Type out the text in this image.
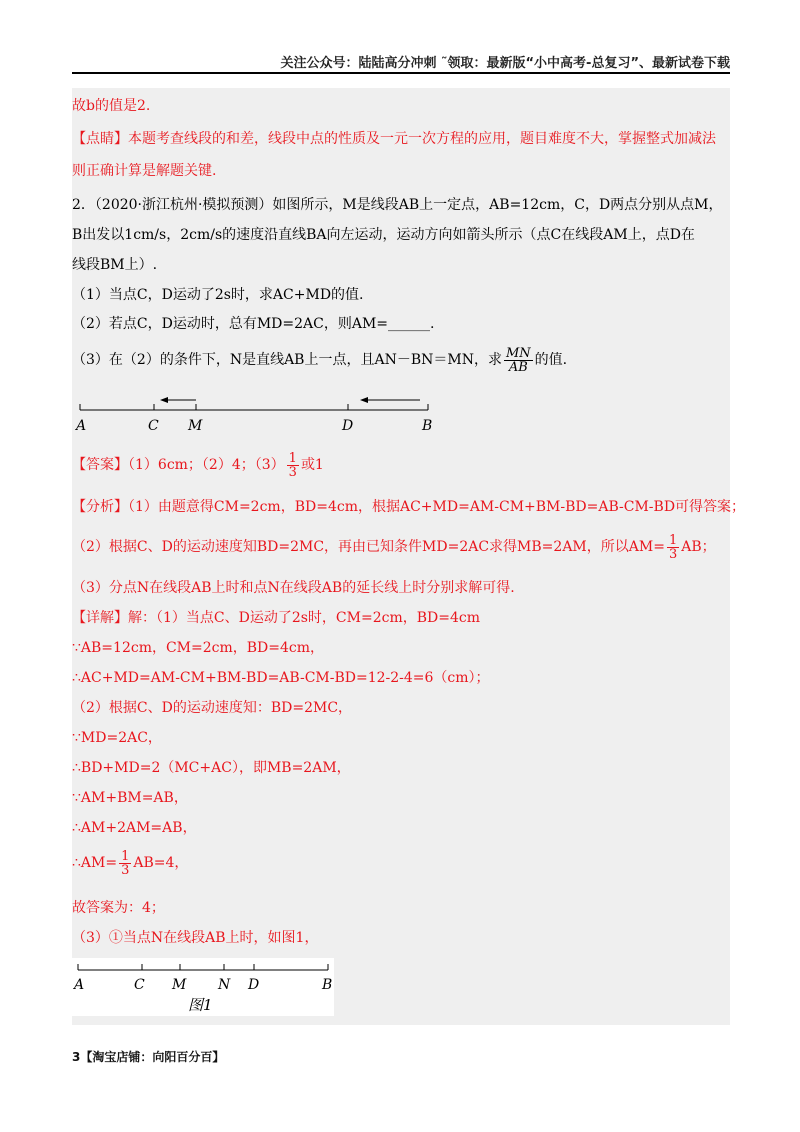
关注公众号：陆陆高分冲刺 ˜领取：最新版“小中高考-总复习”、最新试卷下载
故b的值是2.
【点睛】本题考查线段的和差，线段中点的性质及一元一次方程的应用，题目难度不大，掌握整式加减法
则正确计算是解题关键.
2．（2020·浙江杭州·模拟预测）如图所示，M是线段AB上一定点，AB=12cm，C，D两点分别从点M，
B出发以1cm/s，2cm/s的速度沿直线BA向左运动，运动方向如箭头所示（点C在线段AM上，点D在
线段BM上）.
（1）当点C，D运动了2s时，求AC+MD的值.
（2）若点C，D运动时，总有MD=2AC，则AM=______.
（3）在（2）的条件下，N是直线AB上一点，且AN－BN＝MN，求 $\frac{MN}{AB}$ 的值.
A	C M	D	B
【答案】（1）6cm；（2）4；$(3) \frac{1}{3}$ 或1
【分析】（1）由题意得CM=2cm，BD=4cm，根据AC+MD=AM-CM+BM-BD=AB-CM-BD可得答案；
（2）根据C、D的运动速度知BD=2MC，再由已知条件MD=2AC求得MB=2AM，所以$AM= \frac{1}{3}$ AB；
（3）分点N在线段AB上时和点N在线段AB的延长线上时分别求解可得.
【详解】解：（1）当点C、D运动了2s时，CM=2cm，BD=4cm
∵AB=12cm，CM=2cm，BD=4cm，
∴AC+MD=AM-CM+BM-BD=AB-CM-BD=12-2-4=6（cm）；
（2）根据C、D的运动速度知：BD=2MC，
∵MD=2AC，
∴BD+MD=2（MC+AC），即MB=2AM，
∵AM+BM=AB，
∴AM+2AM=AB，
∴AM= $\frac{1}{3} AB=4$，
故答案为：4；
（3）①当点N在线段AB上时，如图1，
A	C M N D	B
图1
3【淘宝店铺：向阳百分百】
